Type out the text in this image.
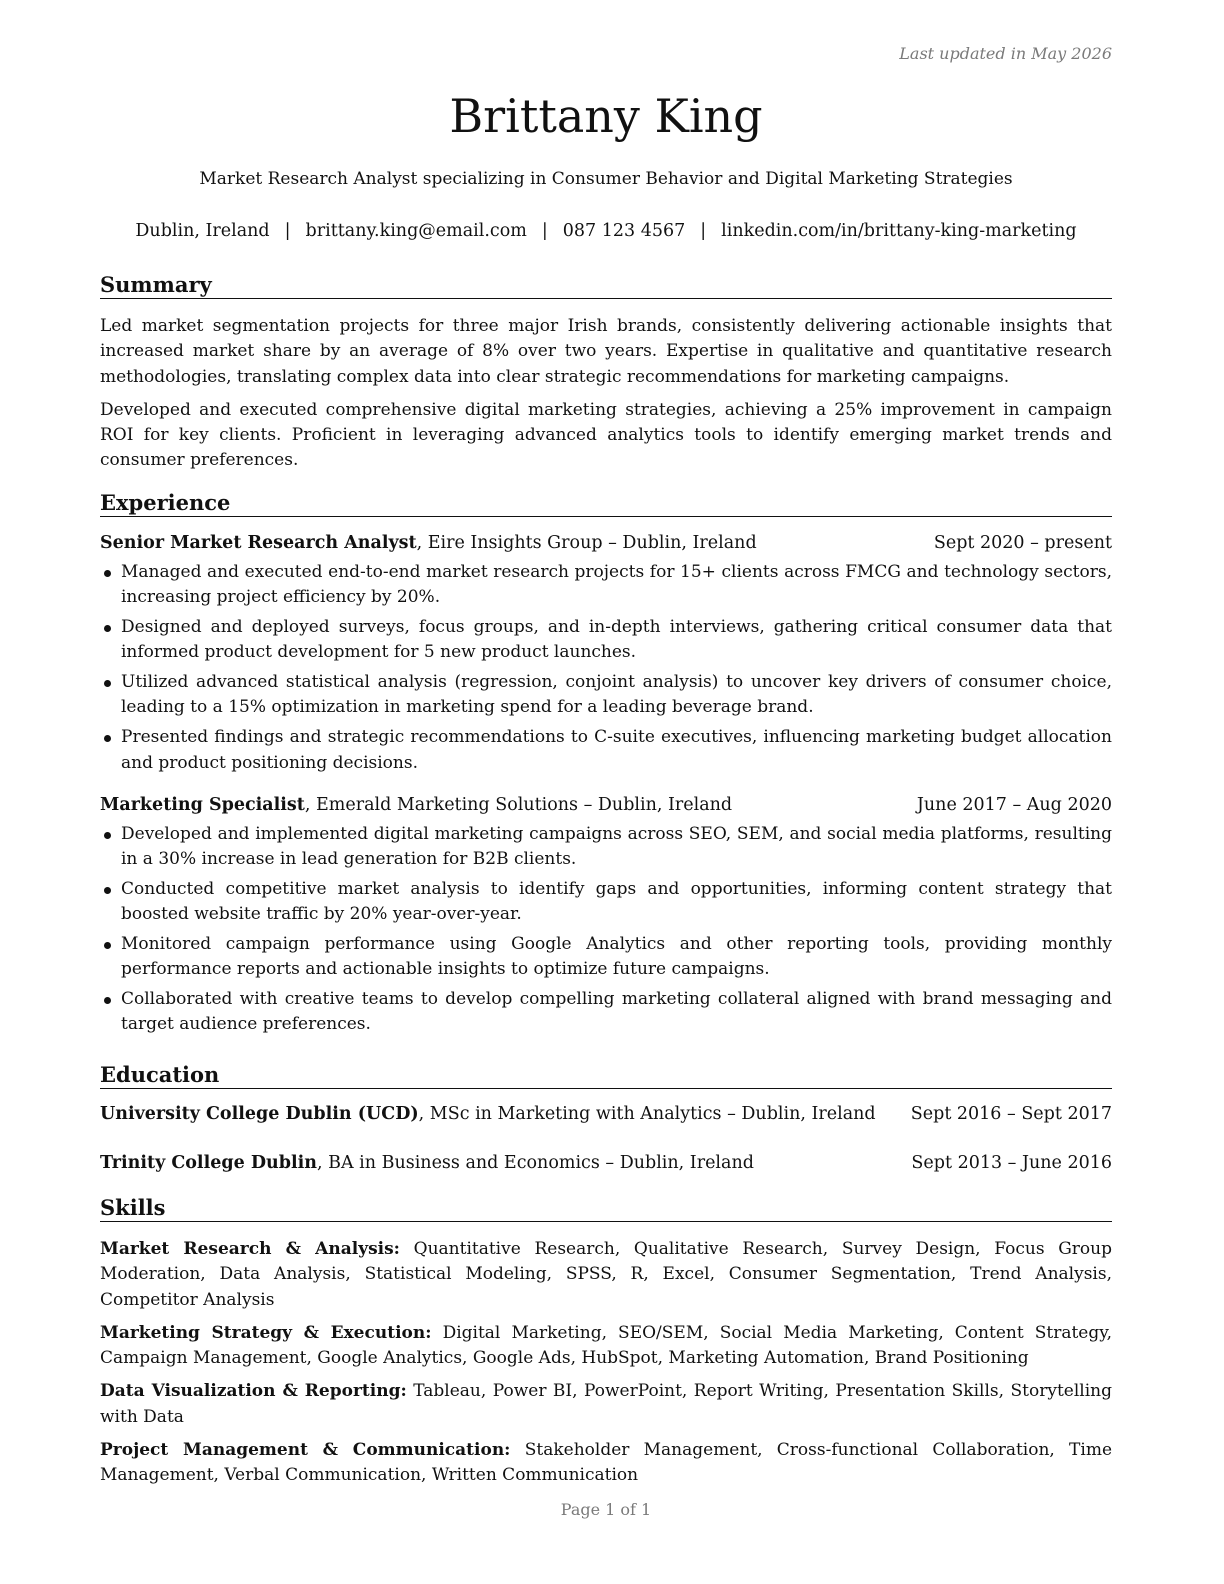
Last updated in May 2026
Brittany King
Market Research Analyst specializing in Consumer Behavior and Digital Marketing Strategies
Dublin, Ireland | brittany.king@email.com | 087 123 4567 | linkedin.com/in/brittany-king-marketing
Summary

Led market segmentation projects for three major Irish brands, consistently delivering actionable insights that increased market share by an average of 8% over two years. Expertise in qualitative and quantitative research methodologies, translating complex data into clear strategic recommendations for marketing campaigns.

Developed and executed comprehensive digital marketing strategies, achieving a 25% improvement in campaign ROI for key clients. Proficient in leveraging advanced analytics tools to identify emerging market trends and consumer preferences.

Experience
Senior Market Research Analyst, Eire Insights Group – Dublin, Ireland	Sept 2020 – present
Managed and executed end-to-end market research projects for 15+ clients across FMCG and technology sectors, increasing project efficiency by 20%.
Designed and deployed surveys, focus groups, and in-depth interviews, gathering critical consumer data that informed product development for 5 new product launches.
Utilized advanced statistical analysis (regression, conjoint analysis) to uncover key drivers of consumer choice, leading to a 15% optimization in marketing spend for a leading beverage brand.
Presented findings and strategic recommendations to C-suite executives, influencing marketing budget allocation and product positioning decisions.
Marketing Specialist, Emerald Marketing Solutions – Dublin, Ireland	June 2017 – Aug 2020
Developed and implemented digital marketing campaigns across SEO, SEM, and social media platforms, resulting in a 30% increase in lead generation for B2B clients.
Conducted competitive market analysis to identify gaps and opportunities, informing content strategy that boosted website traffic by 20% year-over-year.
Monitored campaign performance using Google Analytics and other reporting tools, providing monthly performance reports and actionable insights to optimize future campaigns.
Collaborated with creative teams to develop compelling marketing collateral aligned with brand messaging and target audience preferences.
Education
University College Dublin (UCD), MSc in Marketing with Analytics – Dublin, Ireland Sept 2016 – Sept 2017
Trinity College Dublin, BA in Business and Economics – Dublin, Ireland	Sept 2013 – June 2016
Skills

Market Research & Analysis: Quantitative Research, Qualitative Research, Survey Design, Focus Group Moderation, Data Analysis, Statistical Modeling, SPSS, R, Excel, Consumer Segmentation, Trend Analysis, Competitor Analysis

Marketing Strategy & Execution: Digital Marketing, SEO/SEM, Social Media Marketing, Content Strategy, Campaign Management, Google Analytics, Google Ads, HubSpot, Marketing Automation, Brand Positioning

Data Visualization & Reporting: Tableau, Power BI, PowerPoint, Report Writing, Presentation Skills, Storytelling with Data

Project Management & Communication: Stakeholder Management, Cross-functional Collaboration, Time Management, Verbal Communication, Written Communication

Page 1 of 1
